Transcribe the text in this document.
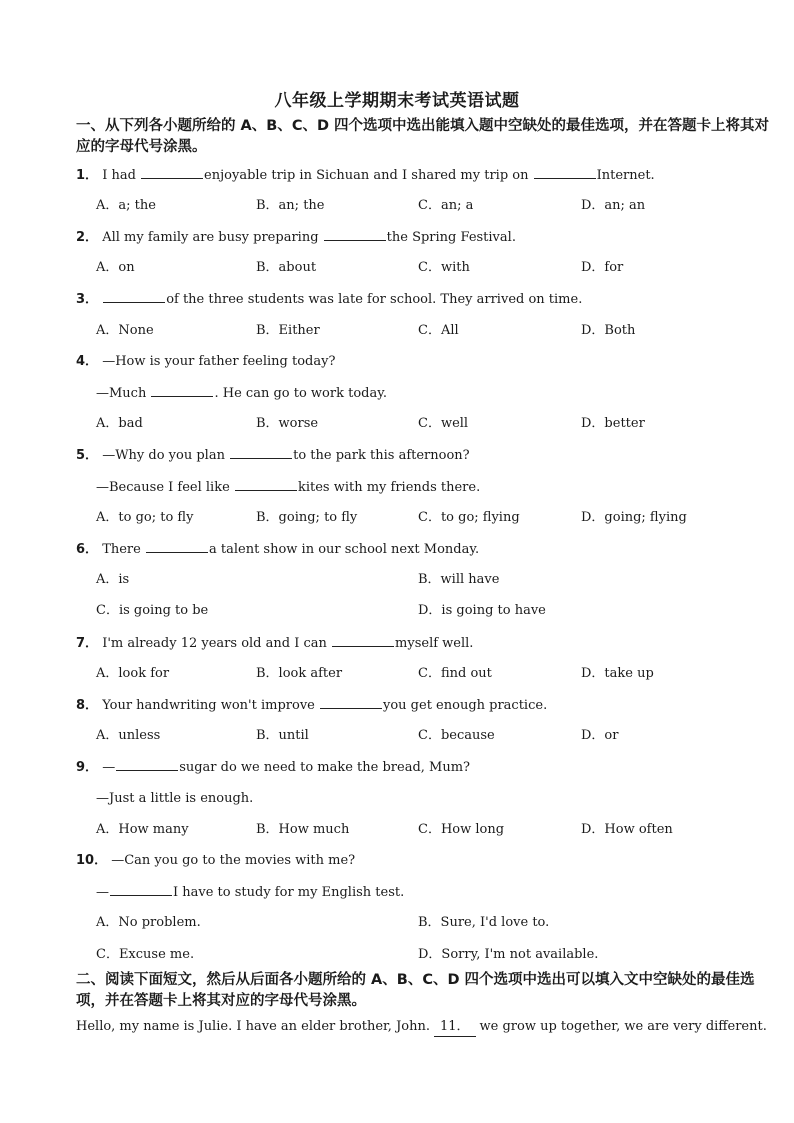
八年级上学期期末考试英语试题
一、从下列各小题所给的 A、B、C、D 四个选项中选出能填入题中空缺处的最佳选项，并在答题卡上将其对应的字母代号涂黑。
1． I had	enjoyable trip in Sichuan and I shared my trip on	Internet.
A．a; the	B．an; the	C．an; a	D．an; an
2． All my family are busy preparing	the Spring Festival.
A．on	B．about	C．with	D．for
3．	of the three students was late for school. They arrived on time.
A．None	B．Either	C．All	D．Both
4． —How is your father feeling today?
—Much	. He can go to work today.
A．bad	B．worse	C．well	D．better
5． —Why do you plan	to the park this afternoon?
—Because I feel like	kites with my friends there.
A．to go; to fly	B．going; to fly	C．to go; flying	D．going; flying
6． There	a talent show in our school next Monday.
A．is	B．will have
C．is going to be	D．is going to have
7． I'm already 12 years old and I can	myself well.
A．look for	B．look after	C．find out	D．take up
8． Your handwriting won't improve	you get enough practice.
A．unless	B．until	C．because	D．or
9． —	sugar do we need to make the bread, Mum?
—Just a little is enough.
A．How many	B．How much	C．How long	D．How often
10． —Can you go to the movies with me?
—	I have to study for my English test.
A．No problem.	B．Sure, I'd love to.
C．Excuse me.	D．Sorry, I'm not available.
二、阅读下面短文，然后从后面各小题所给的 A、B、C、D 四个选项中选出可以填入文中空缺处的最佳选项，并在答题卡上将其对应的字母代号涂黑。
Hello, my name is Julie. I have an elder brother, John. 11． we grow up together, we are very different.
